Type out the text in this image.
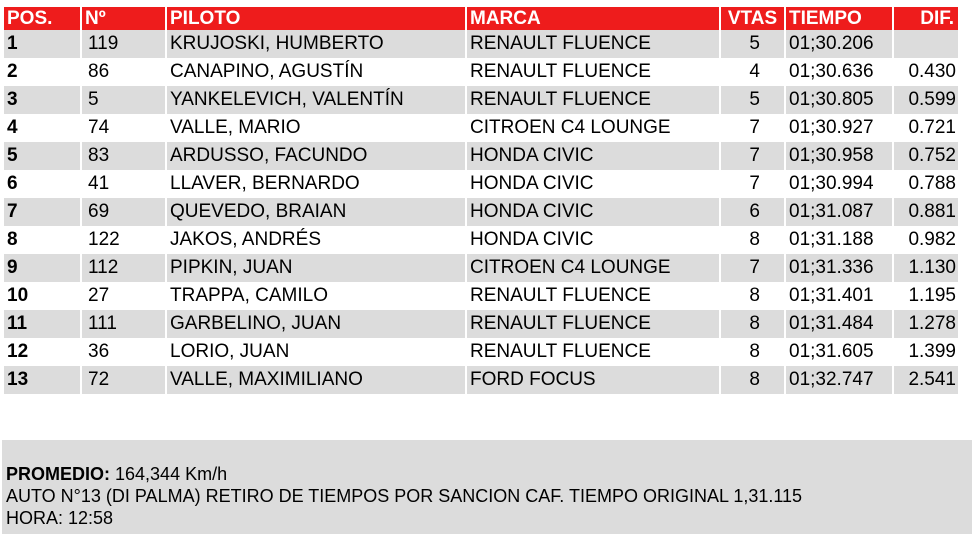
POS.	Nº	PILOTO	MARCA	VTAS	TIEMPO	DIF.
1	119	KRUJOSKI, HUMBERTO	RENAULT FLUENCE	5	01;30.206	
2	86	CANAPINO, AGUSTÍN	RENAULT FLUENCE	4	01;30.636	0.430
3	5	YANKELEVICH, VALENTÍN	RENAULT FLUENCE	5	01;30.805	0.599
4	74	VALLE, MARIO	CITROEN C4 LOUNGE	7	01;30.927	0.721
5	83	ARDUSSO, FACUNDO	HONDA CIVIC	7	01;30.958	0.752
6	41	LLAVER, BERNARDO	HONDA CIVIC	7	01;30.994	0.788
7	69	QUEVEDO, BRAIAN	HONDA CIVIC	6	01;31.087	0.881
8	122	JAKOS, ANDRÉS	HONDA CIVIC	8	01;31.188	0.982
9	112	PIPKIN, JUAN	CITROEN C4 LOUNGE	7	01;31.336	1.130
10	27	TRAPPA, CAMILO	RENAULT FLUENCE	8	01;31.401	1.195
11	111	GARBELINO, JUAN	RENAULT FLUENCE	8	01;31.484	1.278
12	36	LORIO, JUAN	RENAULT FLUENCE	8	01;31.605	1.399
13	72	VALLE, MAXIMILIANO	FORD FOCUS	8	01;32.747	2.541
PROMEDIO: 164,344 Km/h
AUTO N°13 (DI PALMA) RETIRO DE TIEMPOS POR SANCION CAF. TIEMPO ORIGINAL 1,31.115
HORA: 12:58
